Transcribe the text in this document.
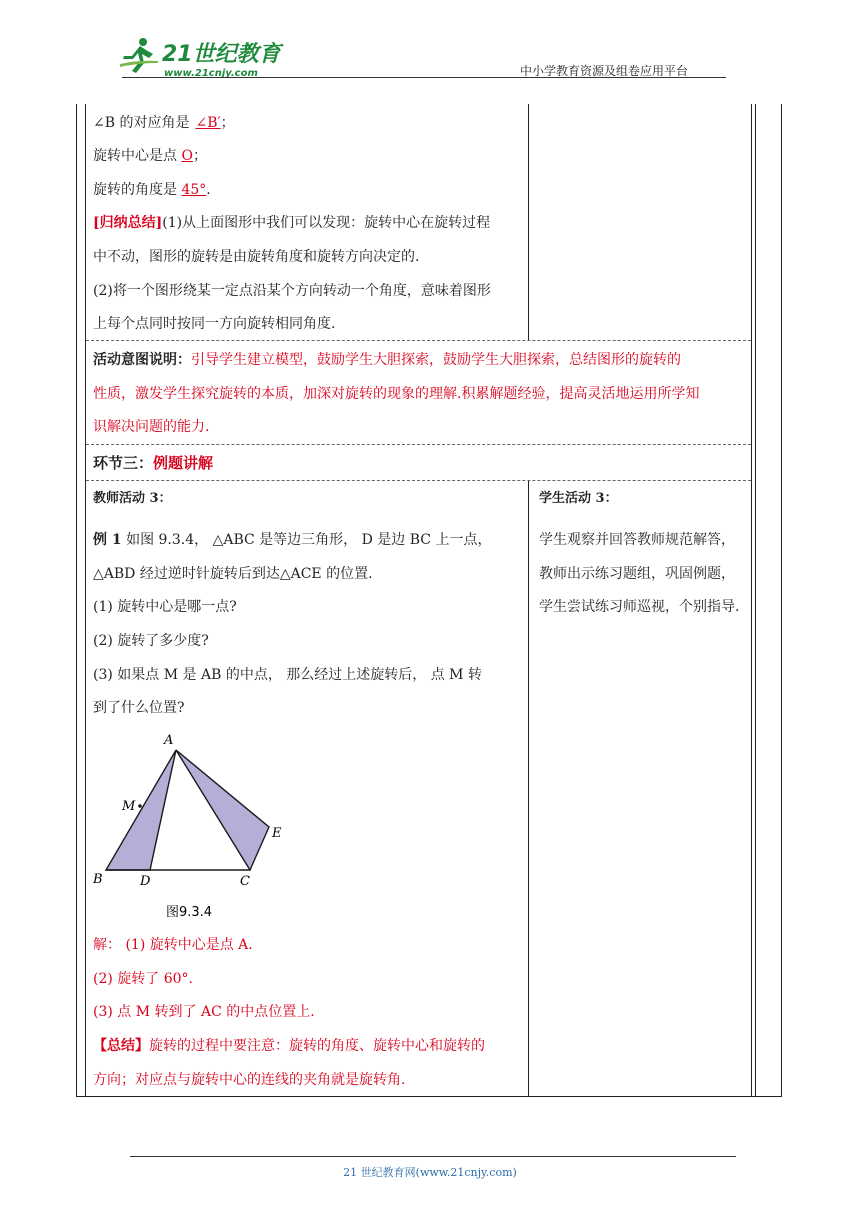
21世纪教育
www.21cnjy.com	中小学教育资源及组卷应用平台
∠B 的对应角是 ∠B′；
旋转中心是点 O；
旋转的角度是 45°.
[归纳总结](1)从上面图形中我们可以发现：旋转中心在旋转过程
中不动，图形的旋转是由旋转角度和旋转方向决定的.
(2)将一个图形绕某一定点沿某个方向转动一个角度，意味着图形
上每个点同时按同一方向旋转相同角度.
活动意图说明：引导学生建立模型，鼓励学生大胆探索，鼓励学生大胆探索，总结图形的旋转的
性质，激发学生探究旋转的本质，加深对旋转的现象的理解.积累解题经验，提高灵活地运用所学知
识解决问题的能力.
环节三：例题讲解
教师活动 3：
例 1 如图 9.3.4， △ABC 是等边三角形， D 是边 BC 上一点，
△ABD 经过逆时针旋转后到达△ACE 的位置.
(1) 旋转中心是哪一点?
(2) 旋转了多少度?
(3) 如果点 M 是 AB 的中点， 那么经过上述旋转后， 点 M 转
到了什么位置?
A
M
E
B	D	C
图9.3.4
解： (1) 旋转中心是点 A.
(2) 旋转了 60°.
(3) 点 M 转到了 AC 的中点位置上.
【总结】旋转的过程中要注意：旋转的角度、旋转中心和旋转的
方向；对应点与旋转中心的连线的夹角就是旋转角.
学生活动 3：
学生观察并回答教师规范解答，
教师出示练习题组，巩固例题，
学生尝试练习师巡视，个别指导.
21 世纪教育网(www.21cnjy.com)
